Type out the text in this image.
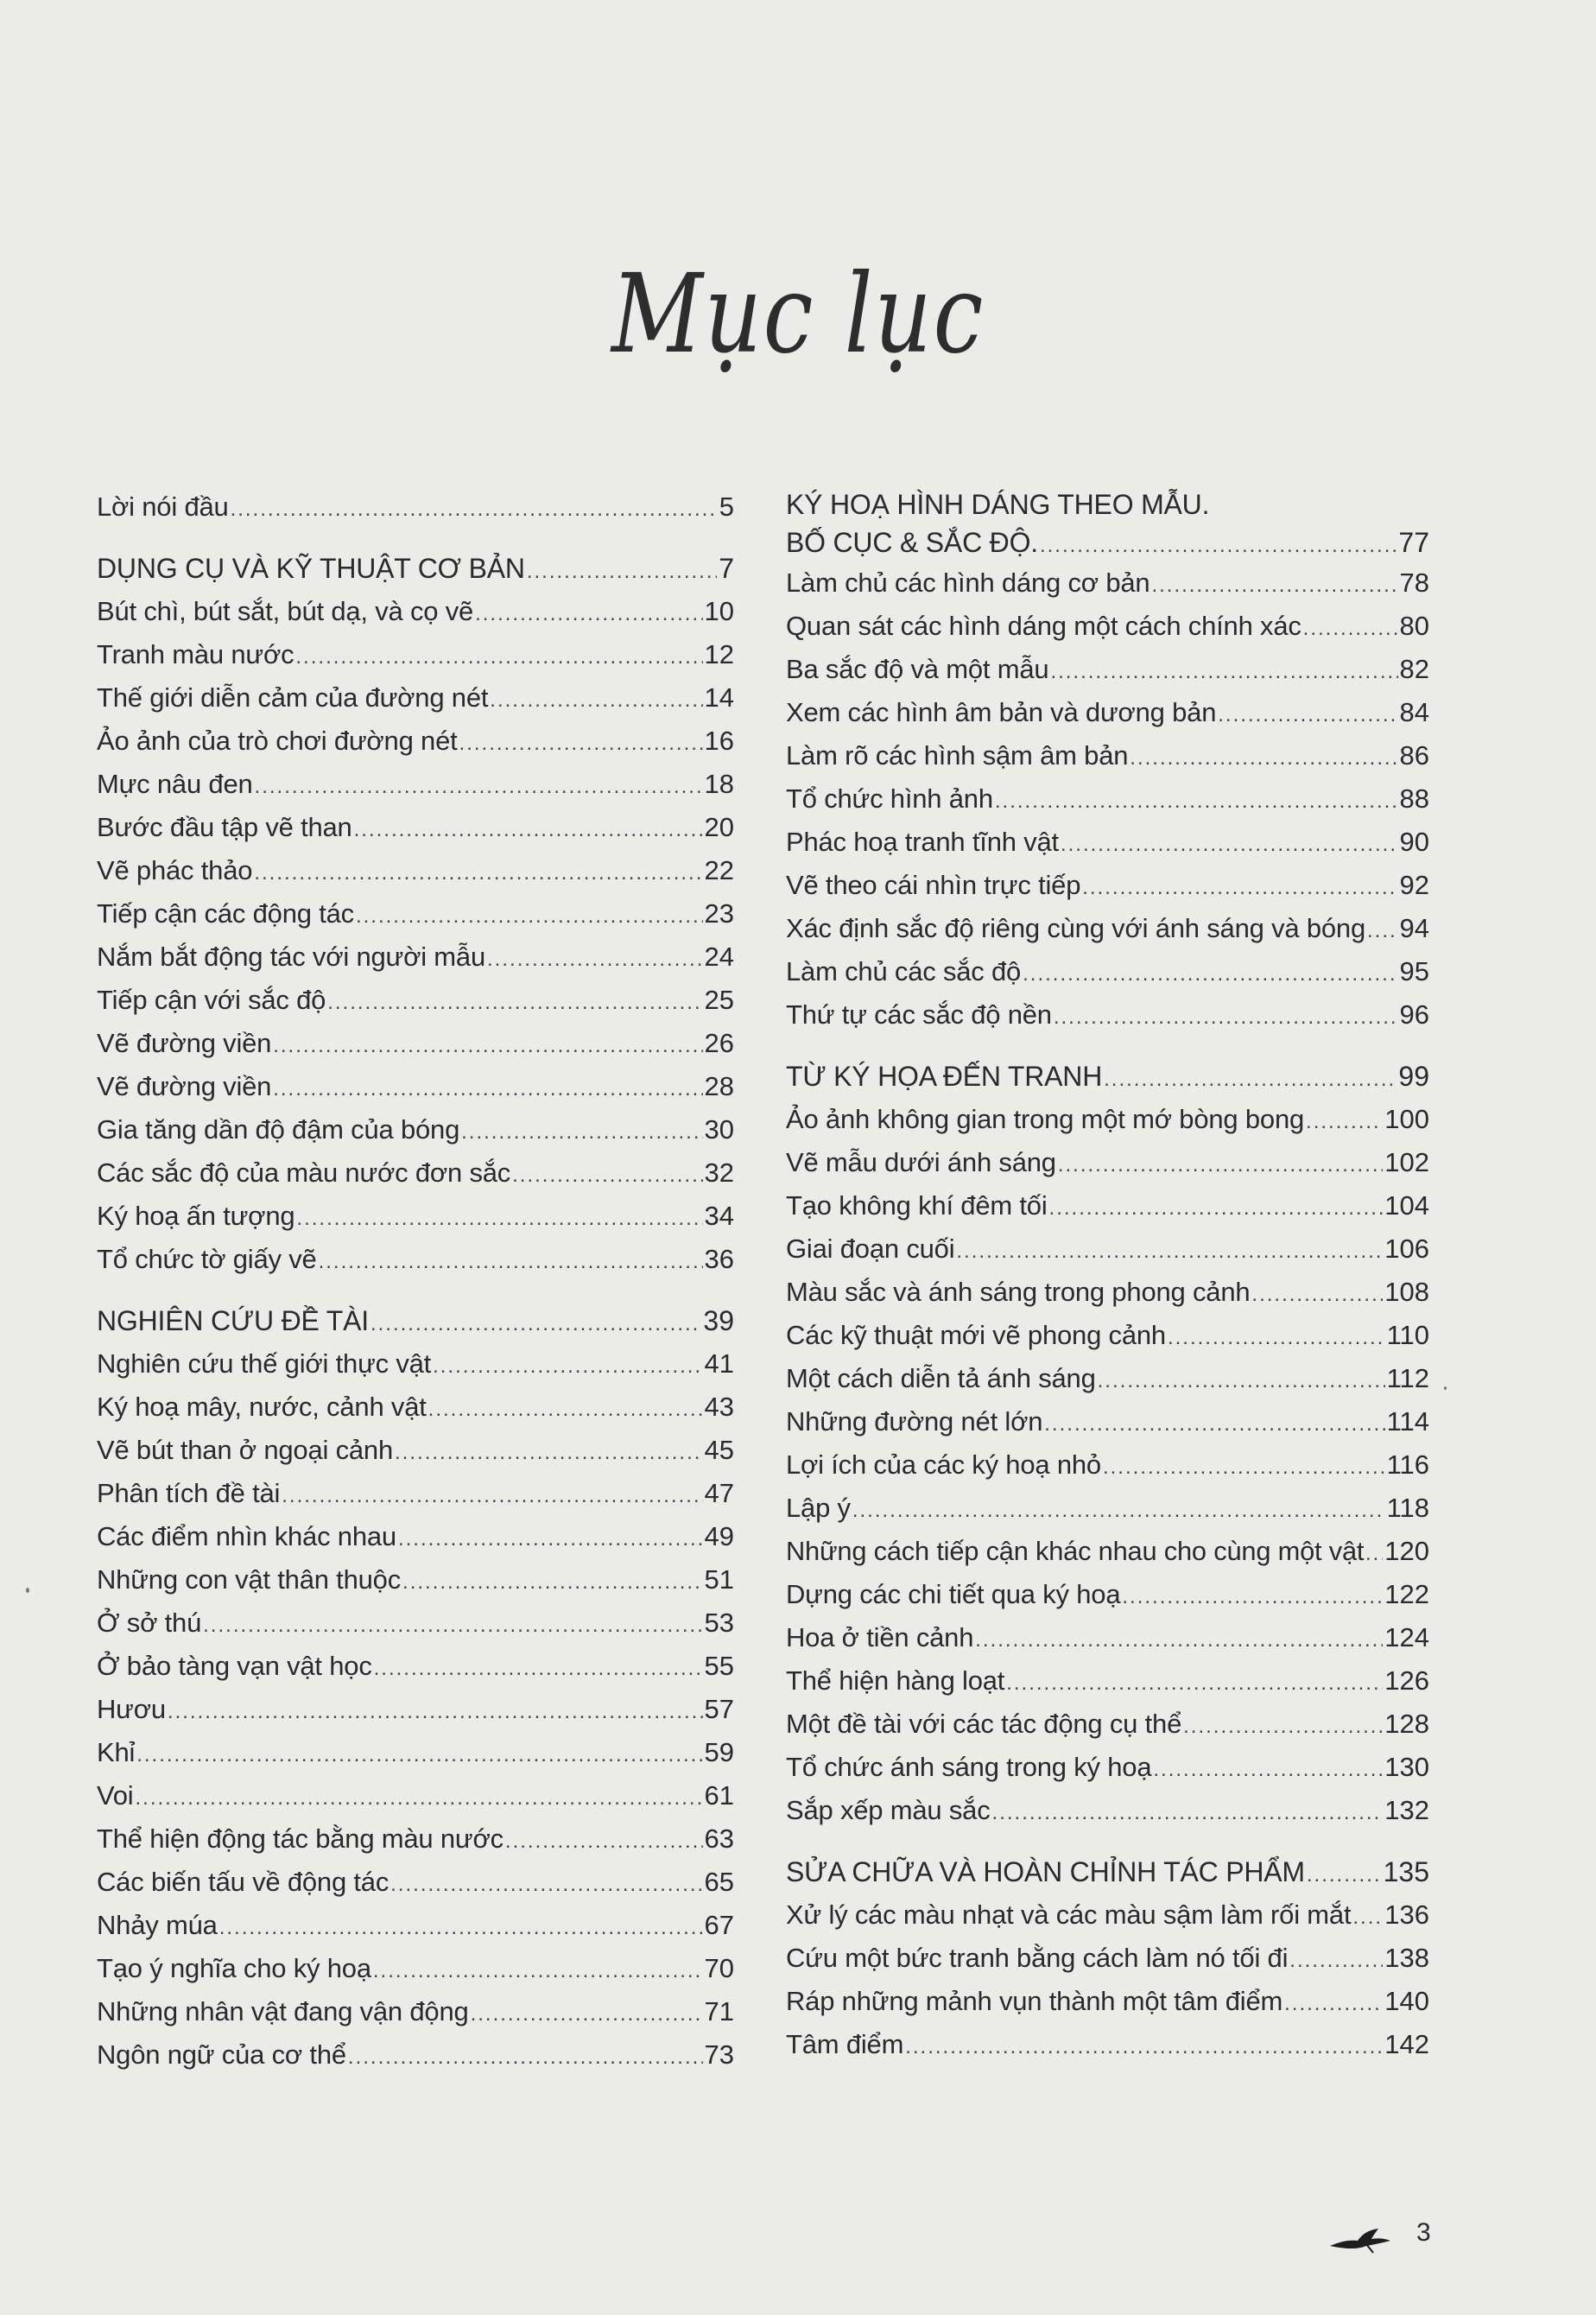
Mục lục
Lời nói đầu .....	5
DỤNG CỤ VÀ KỸ THUẬT CƠ BẢN .....	7
Bút chì, bút sắt, bút dạ, và cọ vẽ .....	10
Tranh màu nước .....	12
Thế giới diễn cảm của đường nét .....	14
Ảo ảnh của trò chơi đường nét .....	16
Mực nâu đen .....	18
Bước đầu tập vẽ than .....	20
Vẽ phác thảo .....	22
Tiếp cận các động tác .....	23
Nắm bắt động tác với người mẫu .....	24
Tiếp cận với sắc độ .....	25
Vẽ đường viền .....	26
Vẽ đường viền .....	28
Gia tăng dần độ đậm của bóng .....	30
Các sắc độ của màu nước đơn sắc .....	32
Ký hoạ ấn tượng .....	34
Tổ chức tờ giấy vẽ .....	36
NGHIÊN CỨU ĐỀ TÀI .....	39
Nghiên cứu thế giới thực vật .....	41
Ký hoạ mây, nước, cảnh vật .....	43
Vẽ bút than ở ngoại cảnh .....	45
Phân tích đề tài .....	47
Các điểm nhìn khác nhau .....	49
Những con vật thân thuộc .....	51
Ở sở thú .....	53
Ở bảo tàng vạn vật học .....	55
Hươu .....	57
Khỉ .....	59
Voi .....	61
Thể hiện động tác bằng màu nước .....	63
Các biến tấu về động tác .....	65
Nhảy múa .....	67
Tạo ý nghĩa cho ký hoạ .....	70
Những nhân vật đang vận động .....	71
Ngôn ngữ của cơ thể .....	73
KÝ HOẠ HÌNH DÁNG THEO MẪU.
BỐ CỤC & SẮC ĐỘ. .....	77
Làm chủ các hình dáng cơ bản .....	78
Quan sát các hình dáng một cách chính xác .....	80
Ba sắc độ và một mẫu .....	82
Xem các hình âm bản và dương bản .....	84
Làm rõ các hình sậm âm bản .....	86
Tổ chức hình ảnh .....	88
Phác hoạ tranh tĩnh vật .....	90
Vẽ theo cái nhìn trực tiếp .....	92
Xác định sắc độ riêng cùng với ánh sáng và bóng ..... 94
Làm chủ các sắc độ .....	95
Thứ tự các sắc độ nền .....	96
TỪ KÝ HỌA ĐẾN TRANH .....	99
Ảo ảnh không gian trong một mớ bòng bong .....	100
Vẽ mẫu dưới ánh sáng .....	102
Tạo không khí đêm tối .....	104
Giai đoạn cuối .....	106
Màu sắc và ánh sáng trong phong cảnh .....	108
Các kỹ thuật mới vẽ phong cảnh .....	110
Một cách diễn tả ánh sáng .....	112
Những đường nét lớn .....	114
Lợi ích của các ký hoạ nhỏ .....	116
Lập ý .....	118
Những cách tiếp cận khác nhau cho cùng một vật ..... 120
Dựng các chi tiết qua ký hoạ .....	122
Hoa ở tiền cảnh .....	124
Thể hiện hàng loạt .....	126
Một đề tài với các tác động cụ thể .....	128
Tổ chức ánh sáng trong ký hoạ .....	130
Sắp xếp màu sắc .....	132
SỬA CHỮA VÀ HOÀN CHỈNH TÁC PHẨM .....	135
Xử lý các màu nhạt và các màu sậm làm rối mắt ..... 136
Cứu một bức tranh bằng cách làm nó tối đi .....	138
Ráp những mảnh vụn thành một tâm điểm .....	140
Tâm điểm .....	142
3
